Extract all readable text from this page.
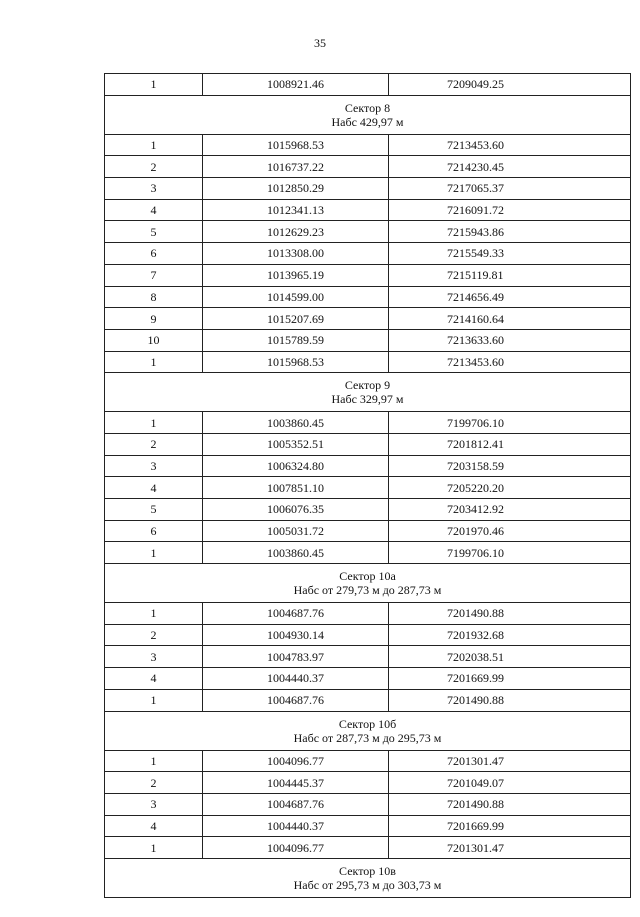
35
1	1008921.46	7209049.25

Сектор 8
Набс 429,97 м		

1	1015968.53	7213453.60
2	1016737.22	7214230.45
3	1012850.29	7217065.37
4	1012341.13	7216091.72
5	1012629.23	7215943.86
6	1013308.00	7215549.33
7	1013965.19	7215119.81
8	1014599.00	7214656.49
9	1015207.69	7214160.64
10	1015789.59	7213633.60
1	1015968.53	7213453.60

Сектор 9
Набс 329,97 м		

1	1003860.45	7199706.10
2	1005352.51	7201812.41
3	1006324.80	7203158.59
4	1007851.10	7205220.20
5	1006076.35	7203412.92
6	1005031.72	7201970.46
1	1003860.45	7199706.10

Сектор 10а
Набс от 279,73 м до 287,73 м		

1	1004687.76	7201490.88
2	1004930.14	7201932.68
3	1004783.97	7202038.51
4	1004440.37	7201669.99
1	1004687.76	7201490.88

Сектор 10б
Набс от 287,73 м до 295,73 м		

1	1004096.77	7201301.47
2	1004445.37	7201049.07
3	1004687.76	7201490.88
4	1004440.37	7201669.99
1	1004096.77	7201301.47

Сектор 10в
Набс от 295,73 м до 303,73 м		
